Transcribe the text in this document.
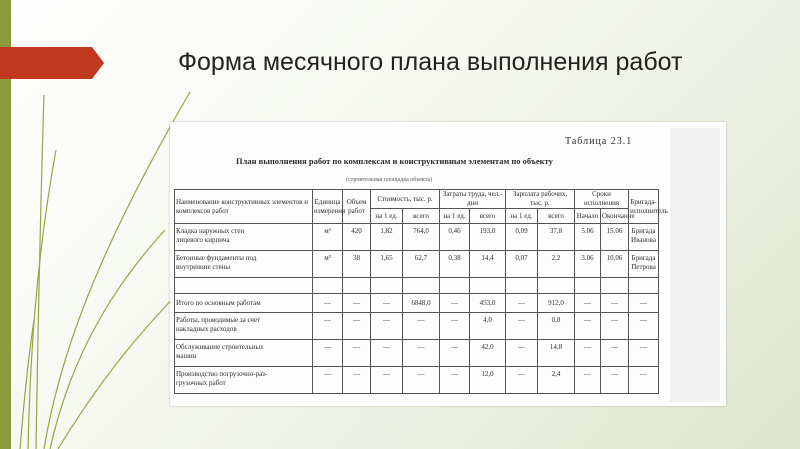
Форма месячного плана выполнения работ
Таблица 23.1
План выполнения работ по комплексам и конструктивным элементам по объекту
(строительная площадка объекта)
Наименование конструктивных элементов и комплексов работ	Единица измерения	Объем работ	Стоимость, тыс. р.		Затраты труда, чел.-дни		Зарплата рабочих, тыс. р.		Сроки исполнения		Бригада-исполнитель
			на 1 ед.	всего	на 1 ед.	всего	на 1 ед.	всего	Начало	Окончание	
Кладка наружных стен
лицевого кирпича	м³	420	1,82	764,0	0,46	193,0	0,09	37,8	5.06	15.06	Бригада Иванова
Бетонные фундаменты под
внутренние стены	м³	38	1,65	62,7	0,38	14,4	0,07	2,2	3.06	10.06	Бригада Петрова

Итого по основным работам	—	—	—	6848,0	—	453,0	—	912,0	—	—	—
Работы, проводимые за счет
накладных расходов	—	—	—	—	—	4,0	—	0,8	—	—	—
Обслуживание строительных
машин	—	—	—	—	—	42,0	—	14,8	—	—	—
Производство погрузочно-раз-
грузочных работ	—	—	—	—	—	12,0	—	2,4	—	—	—
